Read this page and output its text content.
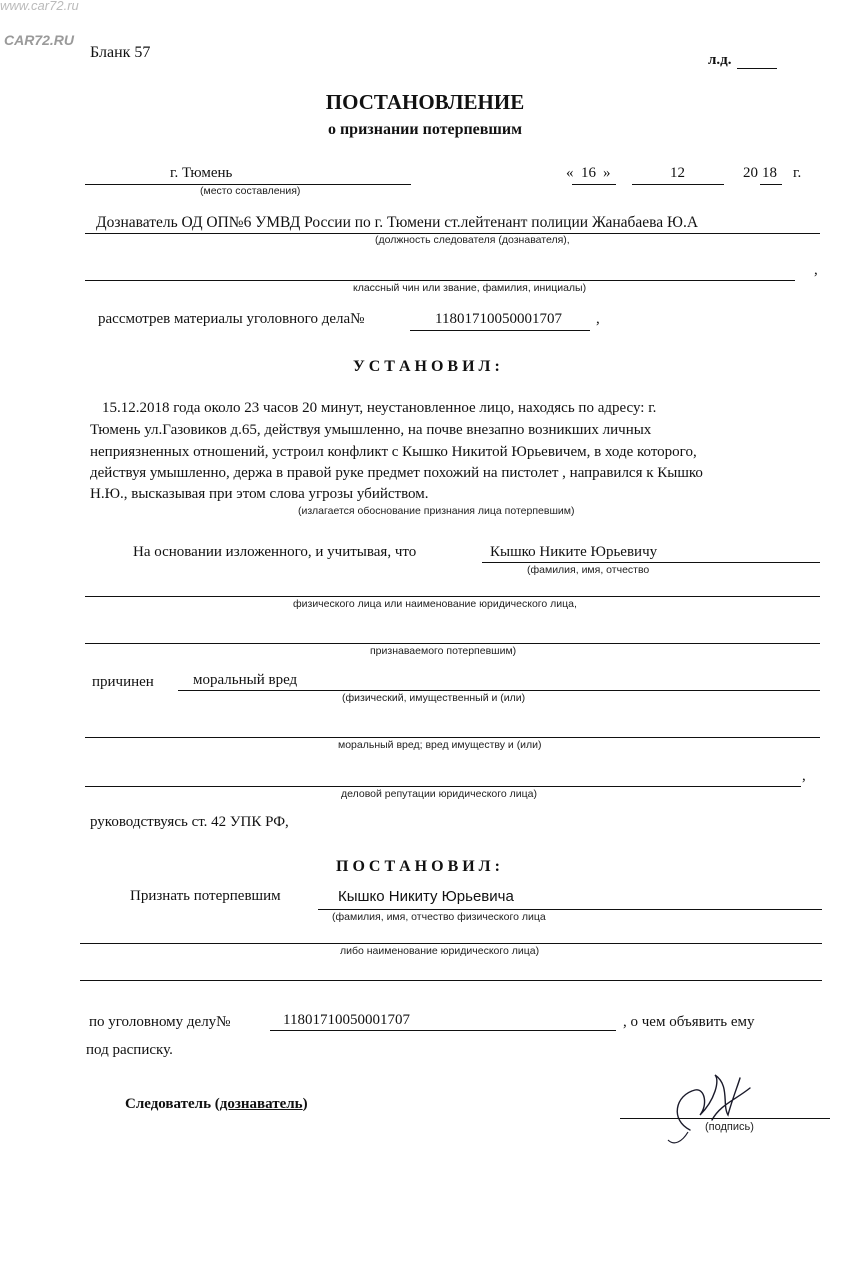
www.car72.ru
CAR72.RU
Бланк 57	л.д.
ПОСТАНОВЛЕНИЕ
о признании потерпевшим
г. Тюмень
(место составления)
« 16 »	12	20 18 г.
Дознаватель ОД ОП№6 УМВД России по г. Тюмени ст.лейтенант полиции Жанабаева Ю.А
(должность следователя (дознавателя),
,
классный чин или звание, фамилия, инициалы)
рассмотрев материалы уголовного дела№	11801710050001707 ,
У С Т А Н О В И Л :
15.12.2018 года около 23 часов 20 минут, неустановленное лицо, находясь по адресу: г.
Тюмень ул.Газовиков д.65, действуя умышленно, на почве внезапно возникших личных
неприязненных отношений, устроил конфликт с Кышко Никитой Юрьевичем, в ходе которого,
действуя умышленно, держа в правой руке предмет похожий на пистолет , направился к Кышко
Н.Ю., высказывая при этом слова угрозы убийством.
(излагается обоснование признания лица потерпевшим)
На основании изложенного, и учитывая, что	Кышко Никите Юрьевичу
(фамилия, имя, отчество
физического лица или наименование юридического лица,
признаваемого потерпевшим)
причинен	моральный вред
(физический, имущественный и (или)
моральный вред; вред имуществу и (или)
,
деловой репутации юридического лица)
руководствуясь ст. 42 УПК РФ,
П О С Т А Н О В И Л :
Признать потерпевшим	Кышко Никиту Юрьевича
(фамилия, имя, отчество физического лица
либо наименование юридического лица)
по уголовному делу№	11801710050001707	, о чем объявить ему
под расписку.
Следователь (дознаватель)
(подпись)
